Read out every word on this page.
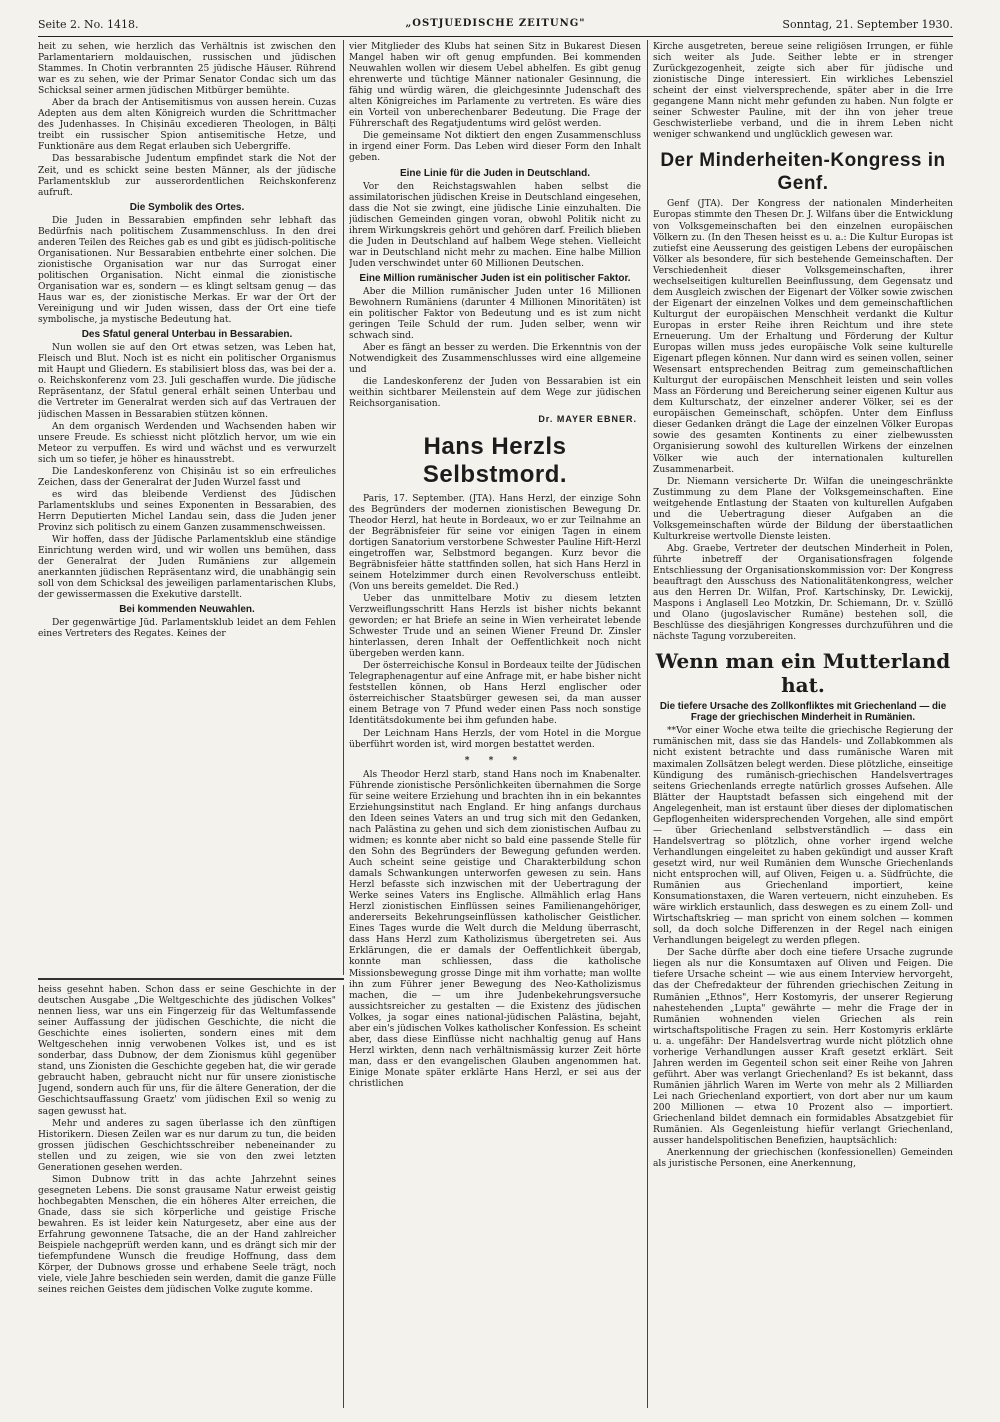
Seite 2. No. 1418.	„OSTJUEDISCHE ZEITUNG"	Sonntag, 21. September 1930.

heit zu sehen, wie herzlich das Verhältnis ist zwischen den Parlamentariern moldauischen, russischen und jüdischen Stammes. In Chotin verbrannten 25 jüdische Häuser. Rührend war es zu sehen, wie der Primar Senator Condac sich um das Schicksal seiner armen jüdischen Mitbürger bemühte.

Aber da brach der Antisemitismus von aussen herein. Cuzas Adepten aus dem alten Königreich wurden die Schrittmacher des Judenhasses. In Chișinău excedieren Theologen, in Bălți treibt ein russischer Spion antisemitische Hetze, und Funktionäre aus dem Regat erlauben sich Uebergriffe.

Das bessarabische Judentum empfindet stark die Not der Zeit, und es schickt seine besten Männer, als der jüdische Parlamentsklub zur ausserordentlichen Reichskonferenz aufruft.

Die Symbolik des Ortes.

Die Juden in Bessarabien empfinden sehr lebhaft das Bedürfnis nach politischem Zusammenschluss. In den drei anderen Teilen des Reiches gab es und gibt es jüdisch-politische Organisationen. Nur Bessarabien entbehrte einer solchen. Die zionistische Organisation war nur das Surrogat einer politischen Organisation. Nicht einmal die zionistische Organisation war es, sondern — es klingt seltsam genug — das Haus war es, der zionistische Merkas. Er war der Ort der Vereinigung und wir Juden wissen, dass der Ort eine tiefe symbolische, ja mystische Bedeutung hat.

Des Sfatul general Unterbau in Bessarabien.

Nun wollen sie auf den Ort etwas setzen, was Leben hat, Fleisch und Blut. Noch ist es nicht ein politischer Organismus mit Haupt und Gliedern. Es stabilisiert bloss das, was bei der a. o. Reichskonferenz vom 23. Juli geschaffen wurde. Die jüdische Repräsentanz, der Sfatul general erhält seinen Unterbau und die Vertreter im Generalrat werden sich auf das Vertrauen der jüdischen Massen in Bessarabien stützen können.

An dem organisch Werdenden und Wachsenden haben wir unsere Freude. Es schiesst nicht plötzlich hervor, um wie ein Meteor zu verpuffen. Es wird und wächst und es verwurzelt sich um so tiefer, je höher es hinausstrebt.

Die Landeskonferenz von Chișinău ist so ein erfreuliches Zeichen, dass der Generalrat der Juden Wurzel fasst und

es wird das bleibende Verdienst des Jüdischen Parlamentsklubs und seines Exponenten in Bessarabien, des Herrn Deputierten Michel Landau sein, dass die Juden jener Provinz sich politisch zu einem Ganzen zusammenschweissen.

Wir hoffen, dass der Jüdische Parlamentsklub eine ständige Einrichtung werden wird, und wir wollen uns bemühen, dass der Generalrat der Juden Rumäniens zur allgemein anerkannten jüdischen Repräsentanz wird, die unabhängig sein soll von dem Schicksal des jeweiligen parlamentarischen Klubs, der gewissermassen die Exekutive darstellt.

Bei kommenden Neuwahlen.

Der gegenwärtige Jüd. Parlamentsklub leidet an dem Fehlen eines Vertreters des Regates. Keines der

vier Mitglieder des Klubs hat seinen Sitz in Bukarest Diesen Mangel haben wir oft genug empfunden. Bei kommenden Neuwahlen wollen wir diesem Uebel abhelfen. Es gibt genug ehrenwerte und tüchtige Männer nationaler Gesinnung, die fähig und würdig wären, die gleichgesinnte Judenschaft des alten Königreiches im Parlamente zu vertreten. Es wäre dies ein Vorteil von unberechenbarer Bedeutung. Die Frage der Führerschaft des Regatjudentums wird gelöst werden.

Die gemeinsame Not diktiert den engen Zusammenschluss in irgend einer Form. Das Leben wird dieser Form den Inhalt geben.

Eine Linie für die Juden in Deutschland.

Vor den Reichstagswahlen haben selbst die assimilatorischen jüdischen Kreise in Deutschland eingesehen, dass die Not sie zwingt, eine jüdische Linie einzuhalten. Die jüdischen Gemeinden gingen voran, obwohl Politik nicht zu ihrem Wirkungskreis gehört und gehören darf. Freilich blieben die Juden in Deutschland auf halbem Wege stehen. Vielleicht war in Deutschland nicht mehr zu machen. Eine halbe Million Juden verschwindet unter 60 Millionen Deutschen.

Eine Million rumänischer Juden ist ein politischer Faktor.

Aber die Million rumänischer Juden unter 16 Millionen Bewohnern Rumäniens (darunter 4 Millionen Minoritäten) ist ein politischer Faktor von Bedeutung und es ist zum nicht geringen Teile Schuld der rum. Juden selber, wenn wir schwach sind.

Aber es fängt an besser zu werden. Die Erkenntnis von der Notwendigkeit des Zusammenschlusses wird eine allgemeine und

die Landeskonferenz der Juden von Bessarabien ist ein weithin sichtbarer Meilenstein auf dem Wege zur jüdischen Reichsorganisation.

Dr. MAYER EBNER.
Hans Herzls Selbstmord.

Paris, 17. September. (JTA). Hans Herzl, der einzige Sohn des Begründers der modernen zionistischen Bewegung Dr. Theodor Herzl, hat heute in Bordeaux, wo er zur Teilnahme an der Begräbnisfeier für seine vor einigen Tagen in einem dortigen Sanatorium verstorbene Schwester Pauline Hift-Herzl eingetroffen war, Selbstmord begangen. Kurz bevor die Begräbnisfeier hätte stattfinden sollen, hat sich Hans Herzl in seinem Hotelzimmer durch einen Revolverschuss entleibt. (Von uns bereits gemeldet. Die Red.)

Ueber das unmittelbare Motiv zu diesem letzten Verzweiflungsschritt Hans Herzls ist bisher nichts bekannt geworden; er hat Briefe an seine in Wien verheiratet lebende Schwester Trude und an seinen Wiener Freund Dr. Zinsler hinterlassen, deren Inhalt der Oeffentlichkeit noch nicht übergeben werden kann.

Der österreichische Konsul in Bordeaux teilte der Jüdischen Telegraphenagentur auf eine Anfrage mit, er habe bisher nicht feststellen können, ob Hans Herzl englischer oder österreichischer Staatsbürger gewesen sei, da man ausser einem Betrage von 7 Pfund weder einen Pass noch sonstige Identitätsdokumente bei ihm gefunden habe.

Der Leichnam Hans Herzls, der vom Hotel in die Morgue überführt worden ist, wird morgen bestattet werden.

* * *

Als Theodor Herzl starb, stand Hans noch im Knabenalter. Führende zionistische Persönlichkeiten übernahmen die Sorge für seine weitere Erziehung und brachten ihn in ein bekanntes Erziehungsinstitut nach England. Er hing anfangs durchaus den Ideen seines Vaters an und trug sich mit den Gedanken, nach Palästina zu gehen und sich dem zionistischen Aufbau zu widmen; es konnte aber nicht so bald eine passende Stelle für den Sohn des Begründers der Bewegung gefunden werden. Auch scheint seine geistige und Charakterbildung schon damals Schwankungen unterworfen gewesen zu sein. Hans Herzl befasste sich inzwischen mit der Uebertragung der Werke seines Vaters ins Englische. Allmählich erlag Hans Herzl zionistischen Einflüssen seines Familienangehöriger, andererseits Bekehrungseinflüssen katholischer Geistlicher. Eines Tages wurde die Welt durch die Meldung überrascht, dass Hans Herzl zum Katholizismus übergetreten sei. Aus Erklärungen, die er damals der Oeffentlichkeit übergab, konnte man schliessen, dass die katholische Missionsbewegung grosse Dinge mit ihm vorhatte; man wollte ihn zum Führer jener Bewegung des Neo-Katholizismus machen, die — um ihre Judenbekehrungsversuche aussichtsreicher zu gestalten — die Existenz des jüdischen Volkes, ja sogar eines national-jüdischen Palästina, bejaht, aber ein's jüdischen Volkes katholischer Konfession. Es scheint aber, dass diese Einflüsse nicht nachhaltig genug auf Hans Herzl wirkten, denn nach verhältnismässig kurzer Zeit hörte man, dass er den evangelischen Glauben angenommen hat. Einige Monate später erklärte Hans Herzl, er sei aus der christlichen

Kirche ausgetreten, bereue seine religiösen Irrungen, er fühle sich weiter als Jude. Seither lebte er in strenger Zurückgezogenheit, zeigte sich aber für jüdische und zionistische Dinge interessiert. Ein wirkliches Lebensziel scheint der einst vielversprechende, später aber in die Irre gegangene Mann nicht mehr gefunden zu haben. Nun folgte er seiner Schwester Pauline, mit der ihn von jeher treue Geschwisterliebe verband, und die in ihrem Leben nicht weniger schwankend und unglücklich gewesen war.

Der Minderheiten-Kongress in Genf.

Genf (JTA). Der Kongress der nationalen Minderheiten Europas stimmte den Thesen Dr. J. Wilfans über die Entwicklung von Volksgemeinschaften bei den einzelnen europäischen Völkern zu. (In den Thesen heisst es u. a.: Die Kultur Europas ist zutiefst eine Aeusserung des geistigen Lebens der europäischen Völker als besondere, für sich bestehende Gemeinschaften. Der Verschiedenheit dieser Volksgemeinschaften, ihrer wechselseitigen kulturellen Beeinflussung, dem Gegensatz und dem Ausgleich zwischen der Eigenart der Völker sowie zwischen der Eigenart der einzelnen Volkes und dem gemeinschaftlichen Kulturgut der europäischen Menschheit verdankt die Kultur Europas in erster Reihe ihren Reichtum und ihre stete Erneuerung. Um der Erhaltung und Förderung der Kultur Europas willen muss jedes europäische Volk seine kulturelle Eigenart pflegen können. Nur dann wird es seinen vollen, seiner Wesensart entsprechenden Beitrag zum gemeinschaftlichen Kulturgut der europäischen Menschheit leisten und sein volles Mass an Förderung und Bereicherung seiner eigenen Kultur aus dem Kulturschatz, der einzelner anderer Völker, sei es der europäischen Gemeinschaft, schöpfen. Unter dem Einfluss dieser Gedanken drängt die Lage der einzelnen Völker Europas sowie des gesamten Kontinents zu einer zielbewussten Organisierung sowohl des kulturellen Wirkens der einzelnen Völker wie auch der internationalen kulturellen Zusammenarbeit.

Dr. Niemann versicherte Dr. Wilfan die uneingeschränkte Zustimmung zu dem Plane der Volksgemeinschaften. Eine weitgehende Entlastung der Staaten von kulturellen Aufgaben und die Uebertragung dieser Aufgaben an die Volksgemeinschaften würde der Bildung der überstaatlichen Kulturkreise wertvolle Dienste leisten.

Abg. Graebe, Vertreter der deutschen Minderheit in Polen, führte inbetreff der Organisationsfragen folgende Entschliessung der Organisationskommission vor: Der Kongress beauftragt den Ausschuss des Nationalitätenkongress, welcher aus den Herren Dr. Wilfan, Prof. Kartschinsky, Dr. Lewickij, Maspons i Anglasell Leo Motzkin, Dr. Schiemann, Dr. v. Szüllö und Olano (jugoslavischer Rumäne) bestehen soll, die Beschlüsse des diesjährigen Kongresses durchzuführen und die nächste Tagung vorzubereiten.

Wenn man ein Mutterland hat.
Die tiefere Ursache des Zollkonfliktes mit Griechenland — die Frage der griechischen Minderheit in Rumänien.

**Vor einer Woche etwa teilte die griechische Regierung der rumänischen mit, dass sie das Handels- und Zollabkommen als nicht existent betrachte und dass rumänische Waren mit maximalen Zollsätzen belegt werden. Diese plötzliche, einseitige Kündigung des rumänisch-griechischen Handelsvertrages seitens Griechenlands erregte natürlich grosses Aufsehen. Alle Blätter der Hauptstadt befassen sich eingehend mit der Angelegenheit, man ist erstaunt über dieses der diplomatischen Gepflogenheiten widersprechenden Vorgehen, alle sind empört — über Griechenland selbstverständlich — dass ein Handelsvertrag so plötzlich, ohne vorher irgend welche Verhandlungen eingeleitet zu haben gekündigt und ausser Kraft gesetzt wird, nur weil Rumänien dem Wunsche Griechenlands nicht entsprochen will, auf Oliven, Feigen u. a. Südfrüchte, die Rumänien aus Griechenland importiert, keine Konsumationstaxen, die Waren verteuern, nicht einzuheben. Es wäre wirklich erstaunlich, dass deswegen es zu einem Zoll- und Wirtschaftskrieg — man spricht von einem solchen — kommen soll, da doch solche Differenzen in der Regel nach einigen Verhandlungen beigelegt zu werden pflegen.

Der Sache dürfte aber doch eine tiefere Ursache zugrunde liegen als nur die Konsumtaxen auf Oliven und Feigen. Die tiefere Ursache scheint — wie aus einem Interview hervorgeht, das der Chefredakteur der führenden griechischen Zeitung in Rumänien „Ethnos", Herr Kostomyris, der unserer Regierung nahestehenden „Lupta" gewährte — mehr die Frage der in Rumänien wohnenden vielen Griechen als rein wirtschaftspolitische Fragen zu sein. Herr Kostomyris erklärte u. a. ungefähr: Der Handelsvertrag wurde nicht plötzlich ohne vorherige Verhandlungen ausser Kraft gesetzt erklärt. Seit Jahren werden im Gegenteil schon seit einer Reihe von Jahren geführt. Aber was verlangt Griechenland? Es ist bekannt, dass Rumänien jährlich Waren im Werte von mehr als 2 Milliarden Lei nach Griechenland exportiert, von dort aber nur um kaum 200 Millionen — etwa 10 Prozent also — importiert. Griechenland bildet demnach ein formidables Absatzgebiet für Rumänien. Als Gegenleistung hiefür verlangt Griechenland, ausser handelspolitischen Benefizien, hauptsächlich:

Anerkennung der griechischen (konfessionellen) Gemeinden als juristische Personen, eine Anerkennung,

heiss gesehnt haben. Schon dass er seine Geschichte in der deutschen Ausgabe „Die Weltgeschichte des jüdischen Volkes" nennen liess, war uns ein Fingerzeig für das Weltumfassende seiner Auffassung der jüdischen Geschichte, die nicht die Geschichte eines isolierten, sondern eines mit dem Weltgeschehen innig verwobenen Volkes ist, und es ist sonderbar, dass Dubnow, der dem Zionismus kühl gegenüber stand, uns Zionisten die Geschichte gegeben hat, die wir gerade gebraucht haben, gebraucht nicht nur für unsere zionistische Jugend, sondern auch für uns, für die ältere Generation, der die Geschichtsauffassung Graetz' vom jüdischen Exil so wenig zu sagen gewusst hat.

Mehr und anderes zu sagen überlasse ich den zünftigen Historikern. Diesen Zeilen war es nur darum zu tun, die beiden grossen jüdischen Geschichtsschreiber nebeneinander zu stellen und zu zeigen, wie sie von den zwei letzten Generationen gesehen werden.

Simon Dubnow tritt in das achte Jahrzehnt seines gesegneten Lebens. Die sonst grausame Natur erweist geistig hochbegabten Menschen, die ein höheres Alter erreichen, die Gnade, dass sie sich körperliche und geistige Frische bewahren. Es ist leider kein Naturgesetz, aber eine aus der Erfahrung gewonnene Tatsache, die an der Hand zahlreicher Beispiele nachgeprüft werden kann, und es drängt sich mir der tiefempfundene Wunsch die freudige Hoffnung, dass dem Körper, der Dubnows grosse und erhabene Seele trägt, noch viele, viele Jahre beschieden sein werden, damit die ganze Fülle seines reichen Geistes dem jüdischen Volke zugute komme.
